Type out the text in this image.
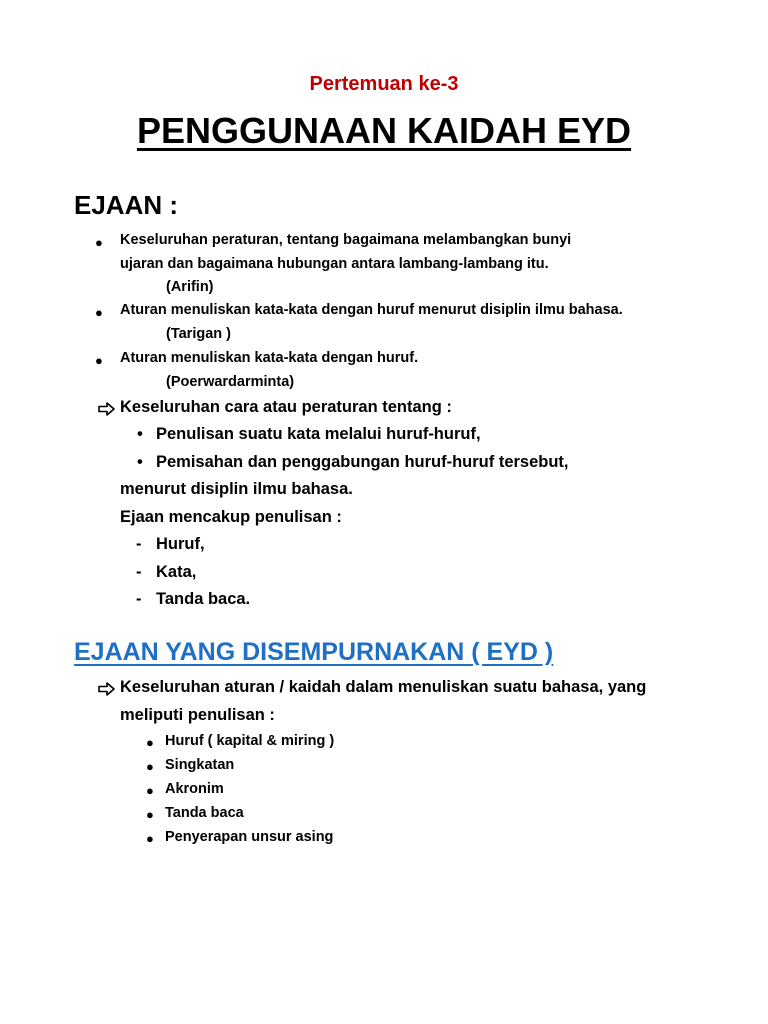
Pertemuan ke-3
PENGGUNAAN KAIDAH EYD
EJAAN :
● Keseluruhan peraturan, tentang bagaimana melambangkan bunyi
ujaran dan bagaimana hubungan antara lambang-lambang itu.
(Arifin)
● Aturan menuliskan kata-kata dengan huruf menurut disiplin ilmu bahasa.
(Tarigan )
● Aturan menuliskan kata-kata dengan huruf.
(Poerwardarminta)
Keseluruhan cara atau peraturan tentang :
• Penulisan suatu kata melalui huruf-huruf,
• Pemisahan dan penggabungan huruf-huruf tersebut,
menurut disiplin ilmu bahasa.
Ejaan mencakup penulisan :
- Huruf,
- Kata,
- Tanda baca.
EJAAN YANG DISEMPURNAKAN ( EYD )
Keseluruhan aturan / kaidah dalam menuliskan suatu bahasa, yang
meliputi penulisan :
● Huruf ( kapital & miring )
● Singkatan
● Akronim
● Tanda baca
● Penyerapan unsur asing
